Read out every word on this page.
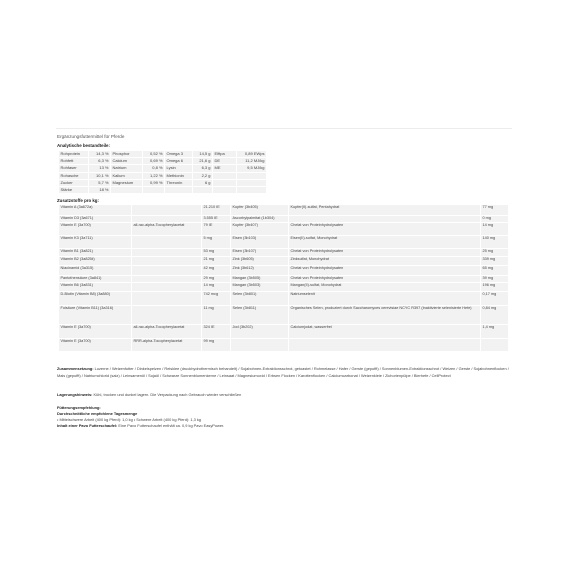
Ergänzungsfuttermittel für Pferde
Analytische bestandteile:
Rohprotein	14,3 %	Phosphor	0,52 %	Omega 3	14,5 g	Elftpa	0,89 EWps
Rohfett	6,3 %	Calcium	0,69 %	Omega 6	21,6 g	DE	11,2 MJ/kg
Rohfaser	13 %	Natrium	0,8 %	Lysin	6,3 g	ME	9,5 MJ/kg
Rohasche	10,1 %	Kalium	1,22 %	Methionin	2,2 g		
Zucker	5,7 %	Magnesium	0,99 %	Threonin	6 g		
Stärke	18 %						
Zusatzstoffe pro kg:
Vitamin A (3a672a)		21.210 IE	Kupfer (3b405)	Kupfer(II)-sulfat, Pentahydrat	77 mg
Vitamin D3 (3a671)		3.555 IE	Ascorbylpalmitat (1b304)		0 mg
Vitamin E (3a700)	all-rac-alpha-Tocopherylacetat	79 IE	Kupfer (3b407)	Chelat von Proteinhydrolysaten	14 mg
Vitamin K3 (3a711)		5 mg	Eisen (3b103)	Eisen(II)-sulfat, Monohydrat	140 mg
Vitamin B1 (3a821)		53 mg	Eisen (3b107)	Chelat von Proteinhydrolysaten	25 mg
Vitamin B2 (3a825ii)		21 mg	Zink (3b605)	Zinksulfat, Monohydrat	339 mg
Niacinamid (3a315)		42 mg	Zink (3b612)	Chelat von Proteinhydrolysaten	65 mg
Pantothensäure (3a841)		29 mg	Mangan (3b505)	Chelat von Proteinhydrolysaten	39 mg
Vitamin B6 (3a831)		14 mg	Mangan (3b503)	Mangan(II)-sulfat, Monohydrat	196 mg
D-Biotin (Vitamin B8) (3a880)		742 mcg	Selen (3b801)	Natriumselenit	0,17 mg
Folsäure (Vitamin B11) (3a316)		11 mg	Selen (3b811)	Organisches Selen, produziert durch Saccharomyces cerevisiae NCYC R397 (Inaktivierte selenisierte Hefe)	0,84 mg
Vitamin E (3a700)	all-rac-alpha-Tocopherylacetat	324 IE	Jod (3b202)	Calciumjodat, wasserfrei	1,4 mg
Vitamin E (3a700)	RRR-alpha-Tocopherylacetat	99 mg			
Zusammensetzung: Luzerne / Weizenfutter / Dinkelspelzen / Reisklee (druckhydrothermisch behandelt) / Sojabohnen-Extraktionsschrot, getoastet / Rohmelasse / Hafer / Gerste (gepufft) / Sonnenblumen-Extraktionsschrot / Weizen / Gerste / Sojabohnenflocken / Mais (gepufft) / Natriumchlorid (salz) / Leinsamenöl / Sojaöl / Schwarze Sonnenblumenkerne / Leinsaat / Magnesiumoxid / Erbsen Flocken / Karottenflocken / Calciumcarbonat / Weizenkleie / Zichorienpülpe / Bierhefe / CellProtect
Lagerungshinweis: Kühl, trocken und dunkel lagern. Die Verpackung nach Gebrauch wieder verschließen
Fütterungsempfehlung:
Durchschnittliche empfohlene Tagesmenge
• Mittelschwere Arbeit (400 kg Pferd): 1,0 kg • Schwere Arbeit (400 kg Pferd): 1,3 kg
Inhalt einer Pavo Futterschaufel: Eine Pavo Futterschaufel enthält ca. 0,9 kg Pavo EasyPower.
